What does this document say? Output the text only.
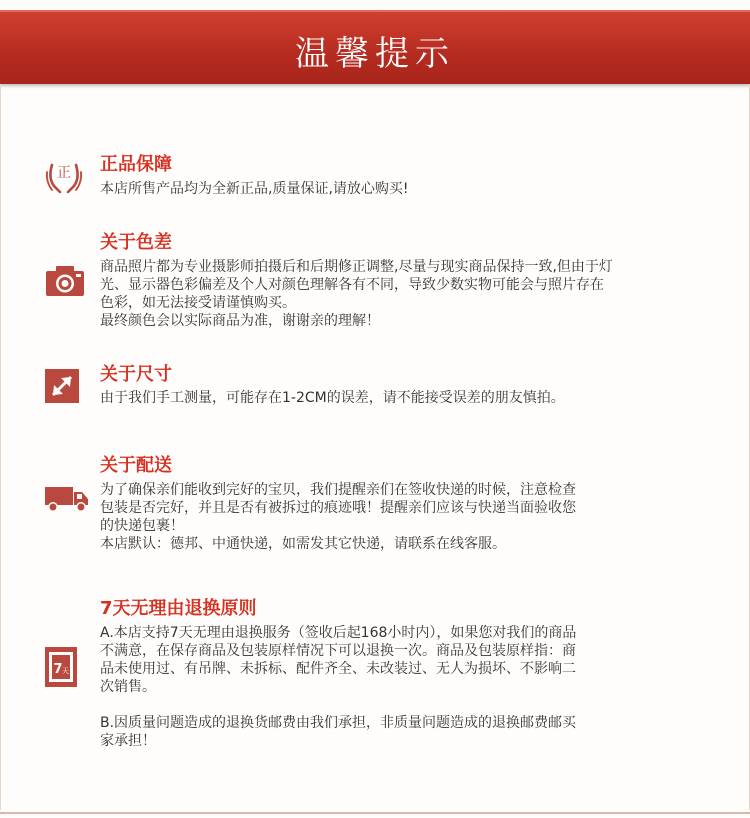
温馨提示
正品保障
正
本店所售产品均为全新正品,质量保证,请放心购买!
关于色差
商品照片都为专业摄影师拍摄后和后期修正调整,尽量与现实商品保持一致,但由于灯
光、显示器色彩偏差及个人对颜色理解各有不同，导致少数实物可能会与照片存在
色彩，如无法接受请谨慎购买。
最终颜色会以实际商品为准，谢谢亲的理解！
关于尺寸
由于我们手工测量，可能存在1-2CM的误差，请不能接受误差的朋友慎拍。
关于配送
为了确保亲们能收到完好的宝贝，我们提醒亲们在签收快递的时候，注意检查
包装是否完好，并且是否有被拆过的痕迹哦！提醒亲们应该与快递当面验收您
的快递包裹！
本店默认：德邦、中通快递，如需发其它快递，请联系在线客服。
7天无理由退换原则
7 天
A.本店支持7天无理由退换服务（签收后起168小时内），如果您对我们的商品
不满意，在保存商品及包装原样情况下可以退换一次。商品及包装原样指：商
品未使用过、有吊牌、未拆标、配件齐全、未改装过、无人为损坏、不影响二
次销售。
B.因质量问题造成的退换货邮费由我们承担，非质量问题造成的退换邮费邮买
家承担！
